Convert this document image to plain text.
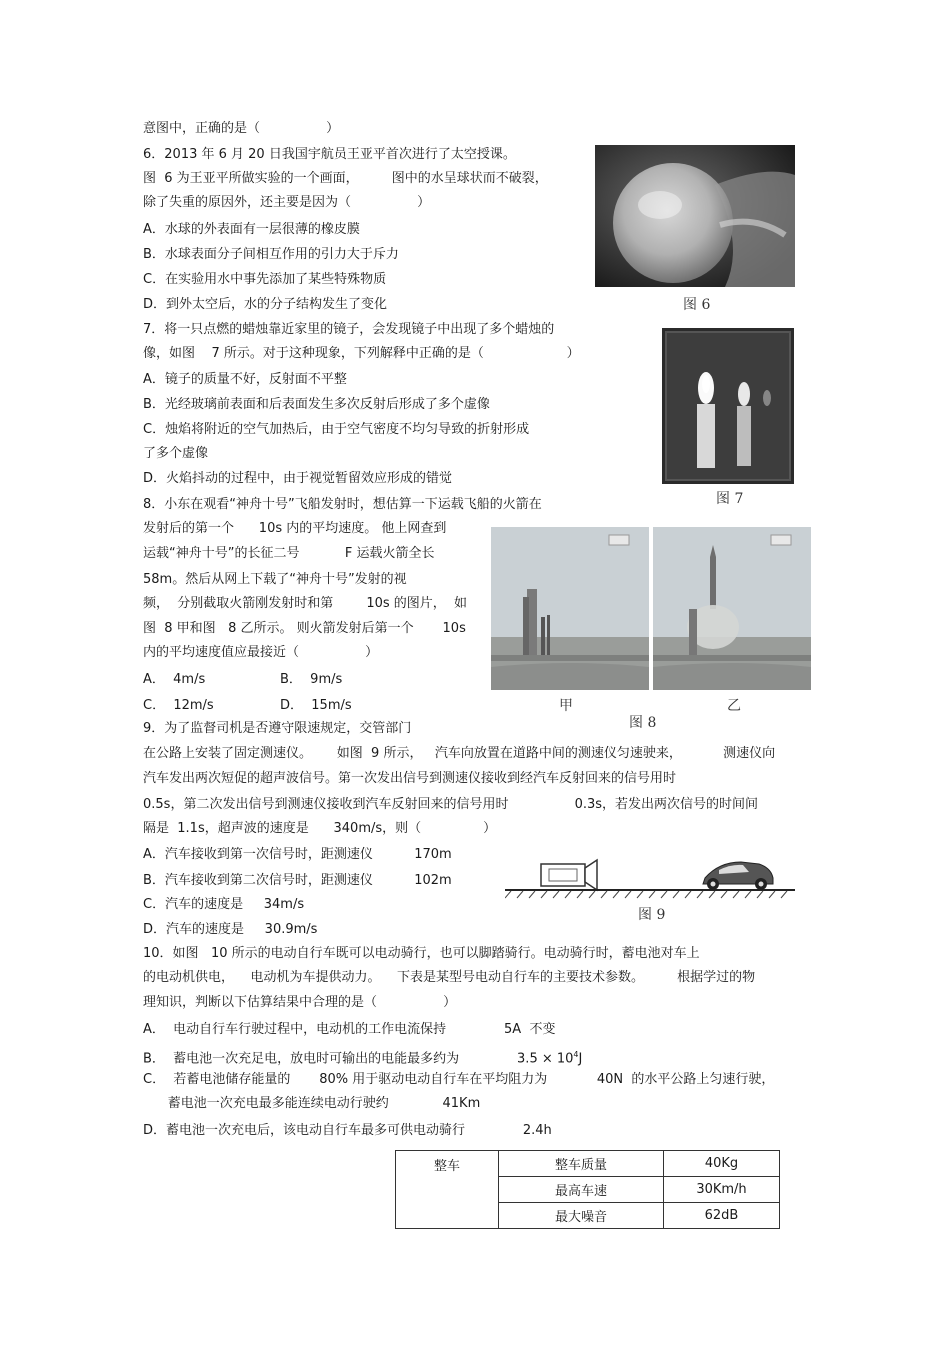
意图中，正确的是（                ）
6．2013 年 6 月 20 日我国宇航员王亚平首次进行了太空授课。
图  6 为王亚平所做实验的一个画面，        图中的水呈球状而不破裂，
除了失重的原因外，还主要是因为（                ）
A．水球的外表面有一层很薄的橡皮膜
B．水球表面分子间相互作用的引力大于斥力
C．在实验用水中事先添加了某些特殊物质
D．到外太空后，水的分子结构发生了变化	图 6
7．将一只点燃的蜡烛靠近家里的镜子，会发现镜子中出现了多个蜡烛的
像，如图    7 所示。对于这种现象，下列解释中正确的是（                    ）
A．镜子的质量不好，反射面不平整
B．光经玻璃前表面和后表面发生多次反射后形成了多个虚像
C．烛焰将附近的空气加热后，由于空气密度不均匀导致的折射形成
了多个虚像
D．火焰抖动的过程中，由于视觉暂留效应形成的错觉
图 7
8．小东在观看“神舟十号”飞船发射时，想估算一下运载飞船的火箭在
发射后的第一个      10s 内的平均速度。 他上网查到
运载“神舟十号”的长征二号           F 运载火箭全长
58m。然后从网上下载了“神舟十号”发射的视
频，  分别截取火箭刚发射时和第        10s 的图片，  如
图  8 甲和图   8 乙所示。 则火箭发射后第一个       10s
内的平均速度值应最接近（                ）
A．  4m/s	B．  9m/s
C．  12m/s	D．  15m/s	甲
图 8
乙
9．为了监督司机是否遵守限速规定，交管部门
在公路上安装了固定测速仪。      如图  9 所示，   汽车向放置在道路中间的测速仪匀速驶来，          测速仪向
汽车发出两次短促的超声波信号。第一次发出信号到测速仪接收到经汽车反射回来的信号用时
0.5s，第二次发出信号到测速仪接收到汽车反射回来的信号用时                0.3s，若发出两次信号的时间间
隔是  1.1s，超声波的速度是      340m/s，则（               ）
A．汽车接收到第一次信号时，距测速仪          170m
B．汽车接收到第二次信号时，距测速仪          102m
C．汽车的速度是     34m/s
D．汽车的速度是     30.9m/s
图 9
10．如图   10 所示的电动自行车既可以电动骑行，也可以脚踏骑行。电动骑行时，蓄电池对车上
的电动机供电，    电动机为车提供动力。    下表是某型号电动自行车的主要技术参数。        根据学过的物
理知识，判断以下估算结果中合理的是（                ）
A．  电动自行车行驶过程中，电动机的工作电流保持              5A  不变
B．  蓄电池一次充足电，放电时可输出的电能最多约为              $3.5 \times 10^4J$
C．  若蓄电池储存能量的       80% 用于驱动电动自行车在平均阻力为            40N  的水平公路上匀速行驶，
蓄电池一次充电最多能连续电动行驶约             41Km
D．蓄电池一次充电后，该电动自行车最多可供电动骑行              2.4h
整车	整车质量	40Kg
	最高车速	30Km/h
	最大噪音	62dB
